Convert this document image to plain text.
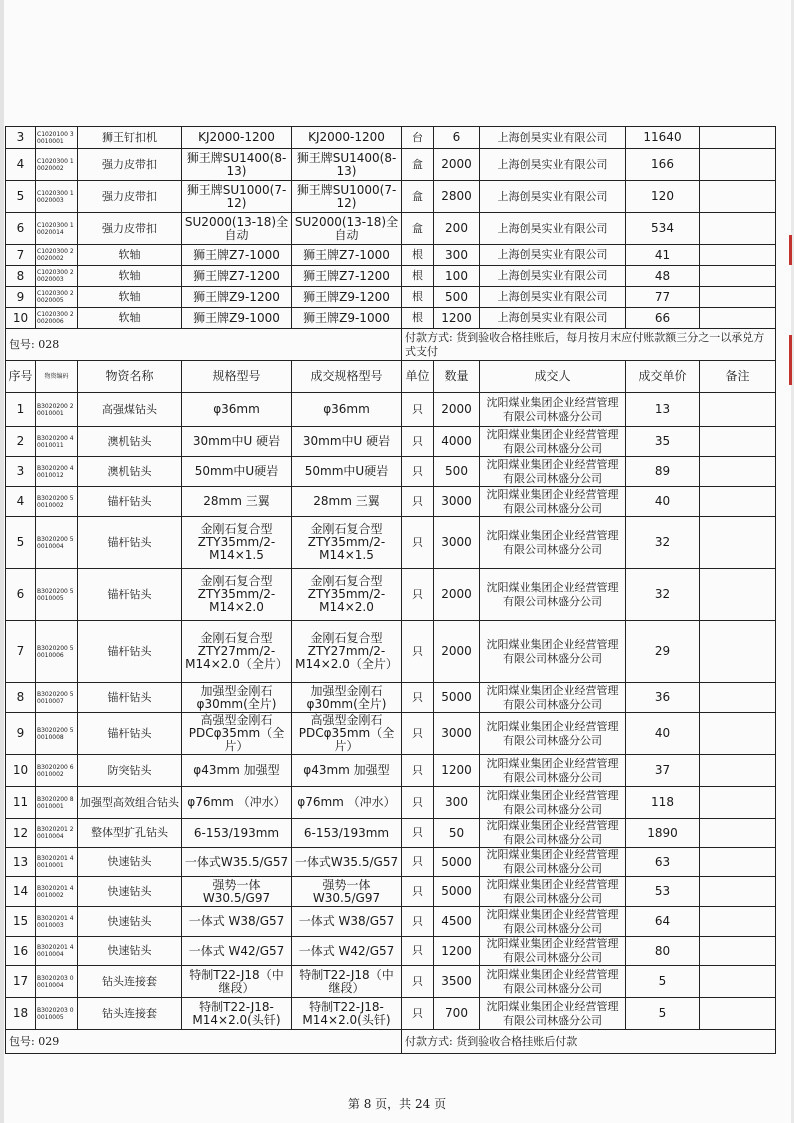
3	C1020100 30010001	狮王钉扣机	KJ2000-1200	KJ2000-1200	台	6	上海创昊实业有限公司	11640	
4	C1020300 10020002	强力皮带扣	狮王牌SU1400(8-13)	狮王牌SU1400(8-13)	盒	2000	上海创昊实业有限公司	166	
5	C1020300 10020003	强力皮带扣	狮王牌SU1000(7-12)	狮王牌SU1000(7-12)	盒	2800	上海创昊实业有限公司	120	
6	C1020300 10020014	强力皮带扣	SU2000(13-18)全自动	SU2000(13-18)全自动	盒	200	上海创昊实业有限公司	534	
7	C1020300 20020002	软轴	狮王牌Z7-1000	狮王牌Z7-1000	根	300	上海创昊实业有限公司	41	
8	C1020300 20020003	软轴	狮王牌Z7-1200	狮王牌Z7-1200	根	100	上海创昊实业有限公司	48	
9	C1020300 20020005	软轴	狮王牌Z9-1200	狮王牌Z9-1200	根	500	上海创昊实业有限公司	77	
10	C1020300 20020006	软轴	狮王牌Z9-1000	狮王牌Z9-1000	根	1200	上海创昊实业有限公司	66	
包号: 028					付款方式: 货到验收合格挂账后，每月按月末应付账款额三分之一以承兑方式支付				
序号	物资编码	物资名称	规格型号	成交规格型号	单位	数量	成交人	成交单价	备注
1	B3020200 20010001	高强煤钻头	φ36mm	φ36mm	只	2000	沈阳煤业集团企业经营管理有限公司林盛分公司	13	
2	B3020200 40010011	澳机钻头	30mm中U 硬岩	30mm中U 硬岩	只	4000	沈阳煤业集团企业经营管理有限公司林盛分公司	35	
3	B3020200 40010012	澳机钻头	50mm中U硬岩	50mm中U硬岩	只	500	沈阳煤业集团企业经营管理有限公司林盛分公司	89	
4	B3020200 50010002	锚杆钻头	28mm 三翼	28mm 三翼	只	3000	沈阳煤业集团企业经营管理有限公司林盛分公司	40	
5	B3020200 50010004	锚杆钻头	金刚石复合型ZTY35mm/2-M14×1.5	金刚石复合型ZTY35mm/2-M14×1.5	只	3000	沈阳煤业集团企业经营管理有限公司林盛分公司	32	
6	B3020200 50010005	锚杆钻头	金刚石复合型ZTY35mm/2-M14×2.0	金刚石复合型ZTY35mm/2-M14×2.0	只	2000	沈阳煤业集团企业经营管理有限公司林盛分公司	32	
7	B3020200 50010006	锚杆钻头	金刚石复合型ZTY27mm/2-M14×2.0（全片）	金刚石复合型ZTY27mm/2-M14×2.0（全片）	只	2000	沈阳煤业集团企业经营管理有限公司林盛分公司	29	
8	B3020200 50010007	锚杆钻头	加强型金刚石φ30mm(全片)	加强型金刚石φ30mm(全片)	只	5000	沈阳煤业集团企业经营管理有限公司林盛分公司	36	
9	B3020200 50010008	锚杆钻头	高强型金刚石PDCφ35mm（全片）	高强型金刚石PDCφ35mm（全片）	只	3000	沈阳煤业集团企业经营管理有限公司林盛分公司	40	
10	B3020200 60010002	防突钻头	φ43mm 加强型	φ43mm 加强型	只	1200	沈阳煤业集团企业经营管理有限公司林盛分公司	37	
11	B3020200 80010001	加强型高效组合钻头	φ76mm （冲水）	φ76mm （冲水）	只	300	沈阳煤业集团企业经营管理有限公司林盛分公司	118	
12	B3020201 20010004	整体型扩孔钻头	6-153/193mm	6-153/193mm	只	50	沈阳煤业集团企业经营管理有限公司林盛分公司	1890	
13	B3020201 40010001	快速钻头	一体式W35.5/G57	一体式W35.5/G57	只	5000	沈阳煤业集团企业经营管理有限公司林盛分公司	63	
14	B3020201 40010002	快速钻头	强势一体W30.5/G97	强势一体W30.5/G97	只	5000	沈阳煤业集团企业经营管理有限公司林盛分公司	53	
15	B3020201 40010003	快速钻头	一体式 W38/G57	一体式 W38/G57	只	4500	沈阳煤业集团企业经营管理有限公司林盛分公司	64	
16	B3020201 40010004	快速钻头	一体式 W42/G57	一体式 W42/G57	只	1200	沈阳煤业集团企业经营管理有限公司林盛分公司	80	
17	B3020203 00010004	钻头连接套	特制T22-J18（中继段）	特制T22-J18（中继段）	只	3500	沈阳煤业集团企业经营管理有限公司林盛分公司	5	
18	B3020203 00010005	钻头连接套	特制T22-J18-M14×2.0(头钎)	特制T22-J18-M14×2.0(头钎)	只	700	沈阳煤业集团企业经营管理有限公司林盛分公司	5	
包号: 029					付款方式: 货到验收合格挂账后付款				
第 8 页，共 24 页
